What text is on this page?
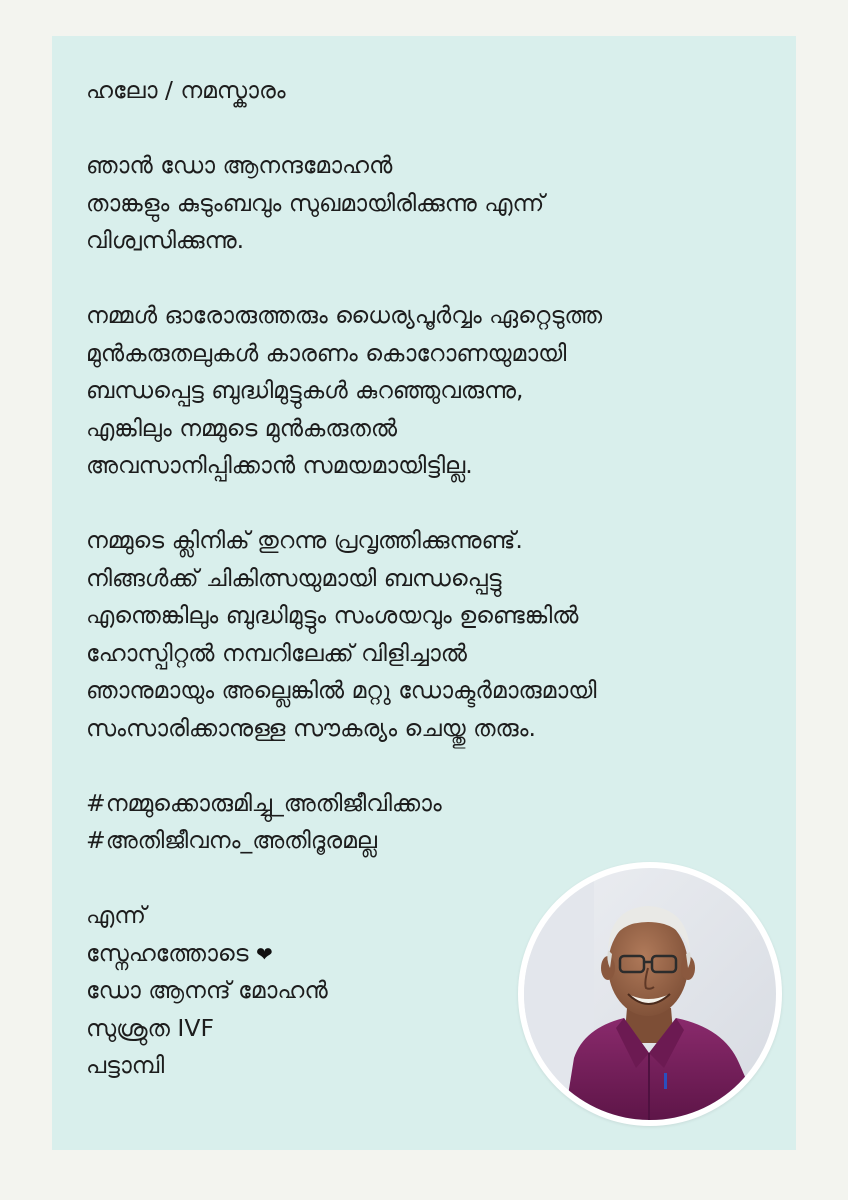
ഹലോ / നമസ്കാരം
ഞാൻ ഡോ ആനന്ദമോഹൻ
താങ്കളും കുടുംബവും സുഖമായിരിക്കുന്നു എന്ന്
വിശ്വസിക്കുന്നു.
നമ്മൾ ഓരോരുത്തരും ധൈര്യപൂർവ്വം ഏറ്റെടുത്ത
മുൻകരുതലുകൾ കാരണം കൊറോണയുമായി
ബന്ധപ്പെട്ട ബുദ്ധിമുട്ടുകൾ കുറഞ്ഞുവരുന്നു,
എങ്കിലും നമ്മുടെ മുൻകരുതൽ
അവസാനിപ്പിക്കാൻ സമയമായിട്ടില്ല.
നമ്മുടെ ക്ലിനിക് തുറന്നു പ്രവൃത്തിക്കുന്നുണ്ട്.
നിങ്ങൾക്ക് ചികിത്സയുമായി ബന്ധപ്പെട്ടു
എന്തെങ്കിലും ബുദ്ധിമുട്ടും സംശയവും ഉണ്ടെങ്കിൽ
ഹോസ്പിറ്റൽ നമ്പറിലേക്ക് വിളിച്ചാൽ
ഞാനുമായും അല്ലെങ്കിൽ മറ്റു ഡോക്ടർമാരുമായി
സംസാരിക്കാനുള്ള സൗകര്യം ചെയ്തു തരും.
#നമ്മുക്കൊരുമിച്ചു_അതിജീവിക്കാം
#അതിജീവനം_അതിദൂരമല്ല
എന്ന്
സ്നേഹത്തോടെ ❤
ഡോ ആനന്ദ് മോഹൻ
സുശ്രുത IVF
പട്ടാമ്പി
